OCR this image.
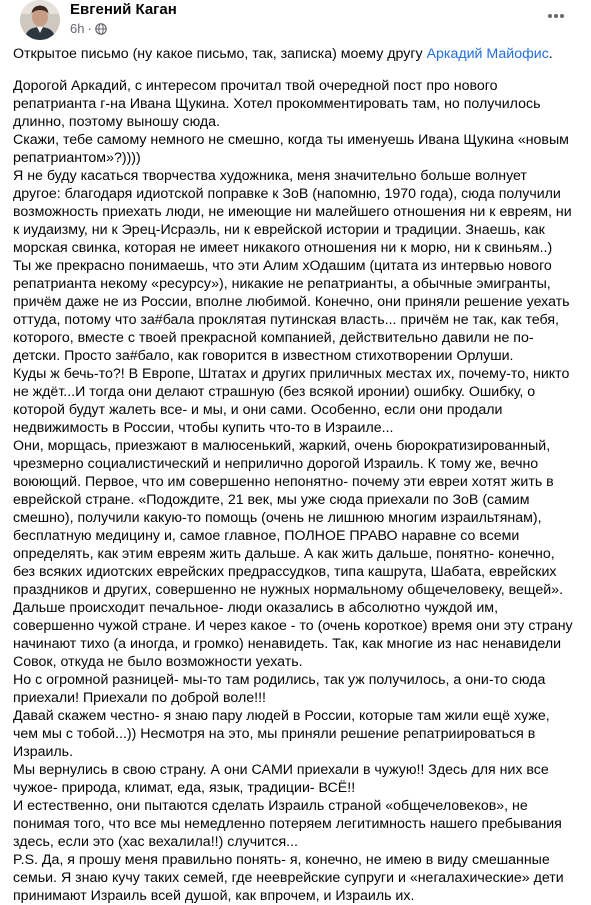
Евгений Каган
6h ·

Открытое письмо (ну какое письмо, так, записка) моему другу Аркадий Майофис.

Дорогой Аркадий, с интересом прочитал твой очередной пост про нового репатрианта г-на Ивана Щукина. Хотел прокомментировать там, но получилось длинно, поэтому выношу сюда.

Скажи, тебе самому немного не смешно, когда ты именуешь Ивана Щукина «новым репатриантом»?))))

Я не буду касаться творчества художника, меня значительно больше волнует другое: благодаря идиотской поправке к ЗоВ (напомню, 1970 года), сюда получили возможность приехать люди, не имеющие ни малейшего отношения ни к евреям, ни к иудаизму, ни к Эрец-Исраэль, ни к еврейской истории и традиции. Знаешь, как морская свинка, которая не имеет никакого отношения ни к морю, ни к свиньям..)

Ты же прекрасно понимаешь, что эти Алим хОдашим (цитата из интервью нового репатрианта некому «ресурсу»), никакие не репатрианты, а обычные эмигранты, причём даже не из России, вполне любимой. Конечно, они приняли решение уехать оттуда, потому что за#бала проклятая путинская власть... причём не так, как тебя, которого, вместе с твоей прекрасной компанией, действительно давили не по-детски. Просто за#бало, как говорится в известном стихотворении Орлуши.

Куды ж бечь-то?! В Европе, Штатах и других приличных местах их, почему-то, никто не ждёт...И тогда они делают страшную (без всякой иронии) ошибку. Ошибку, о которой будут жалеть все- и мы, и они сами. Особенно, если они продали недвижимость в России, чтобы купить что-то в Израиле...

Они, морщась, приезжают в малюсенький, жаркий, очень бюрократизированный, чрезмерно социалистический и неприлично дорогой Израиль. К тому же, вечно воюющий. Первое, что им совершенно непонятно- почему эти евреи хотят жить в еврейской стране. «Подождите, 21 век, мы уже сюда приехали по ЗоВ (самим смешно), получили какую-то помощь (очень не лишнюю многим израильтянам), бесплатную медицину и, самое главное, ПОЛНОЕ ПРАВО наравне со всеми определять, как этим евреям жить дальше. А как жить дальше, понятно- конечно, без всяких идиотских еврейских предрассудков, типа кашрута, Шабата, еврейских праздников и других, совершенно не нужных нормальному общечеловеку, вещей».

Дальше происходит печальное- люди оказались в абсолютно чуждой им, совершенно чужой стране. И через какое - то (очень короткое) время они эту страну начинают тихо (а иногда, и громко) ненавидеть. Так, как многие из нас ненавидели Совок, откуда не было возможности уехать.

Но с огромной разницей- мы-то там родились, так уж получилось, а они-то сюда приехали! Приехали по доброй воле!!!

Давай скажем честно- я знаю пару людей в России, которые там жили ещё хуже, чем мы с тобой...)) Несмотря на это, мы приняли решение репатриироваться в Израиль.

Мы вернулись в свою страну. А они САМИ приехали в чужую!! Здесь для них все чужое- природа, климат, еда, язык, традиции- ВСЁ!!

И естественно, они пытаются сделать Израиль страной «общечеловеков», не понимая того, что все мы немедленно потеряем легитимность нашего пребывания здесь, если это (хас вехалила!!) случится...

P.S. Да, я прошу меня правильно понять- я, конечно, не имею в виду смешанные семьи. Я знаю кучу таких семей, где нееврейские супруги и «негалахические» дети принимают Израиль всей душой, как впрочем, и Израиль их.
